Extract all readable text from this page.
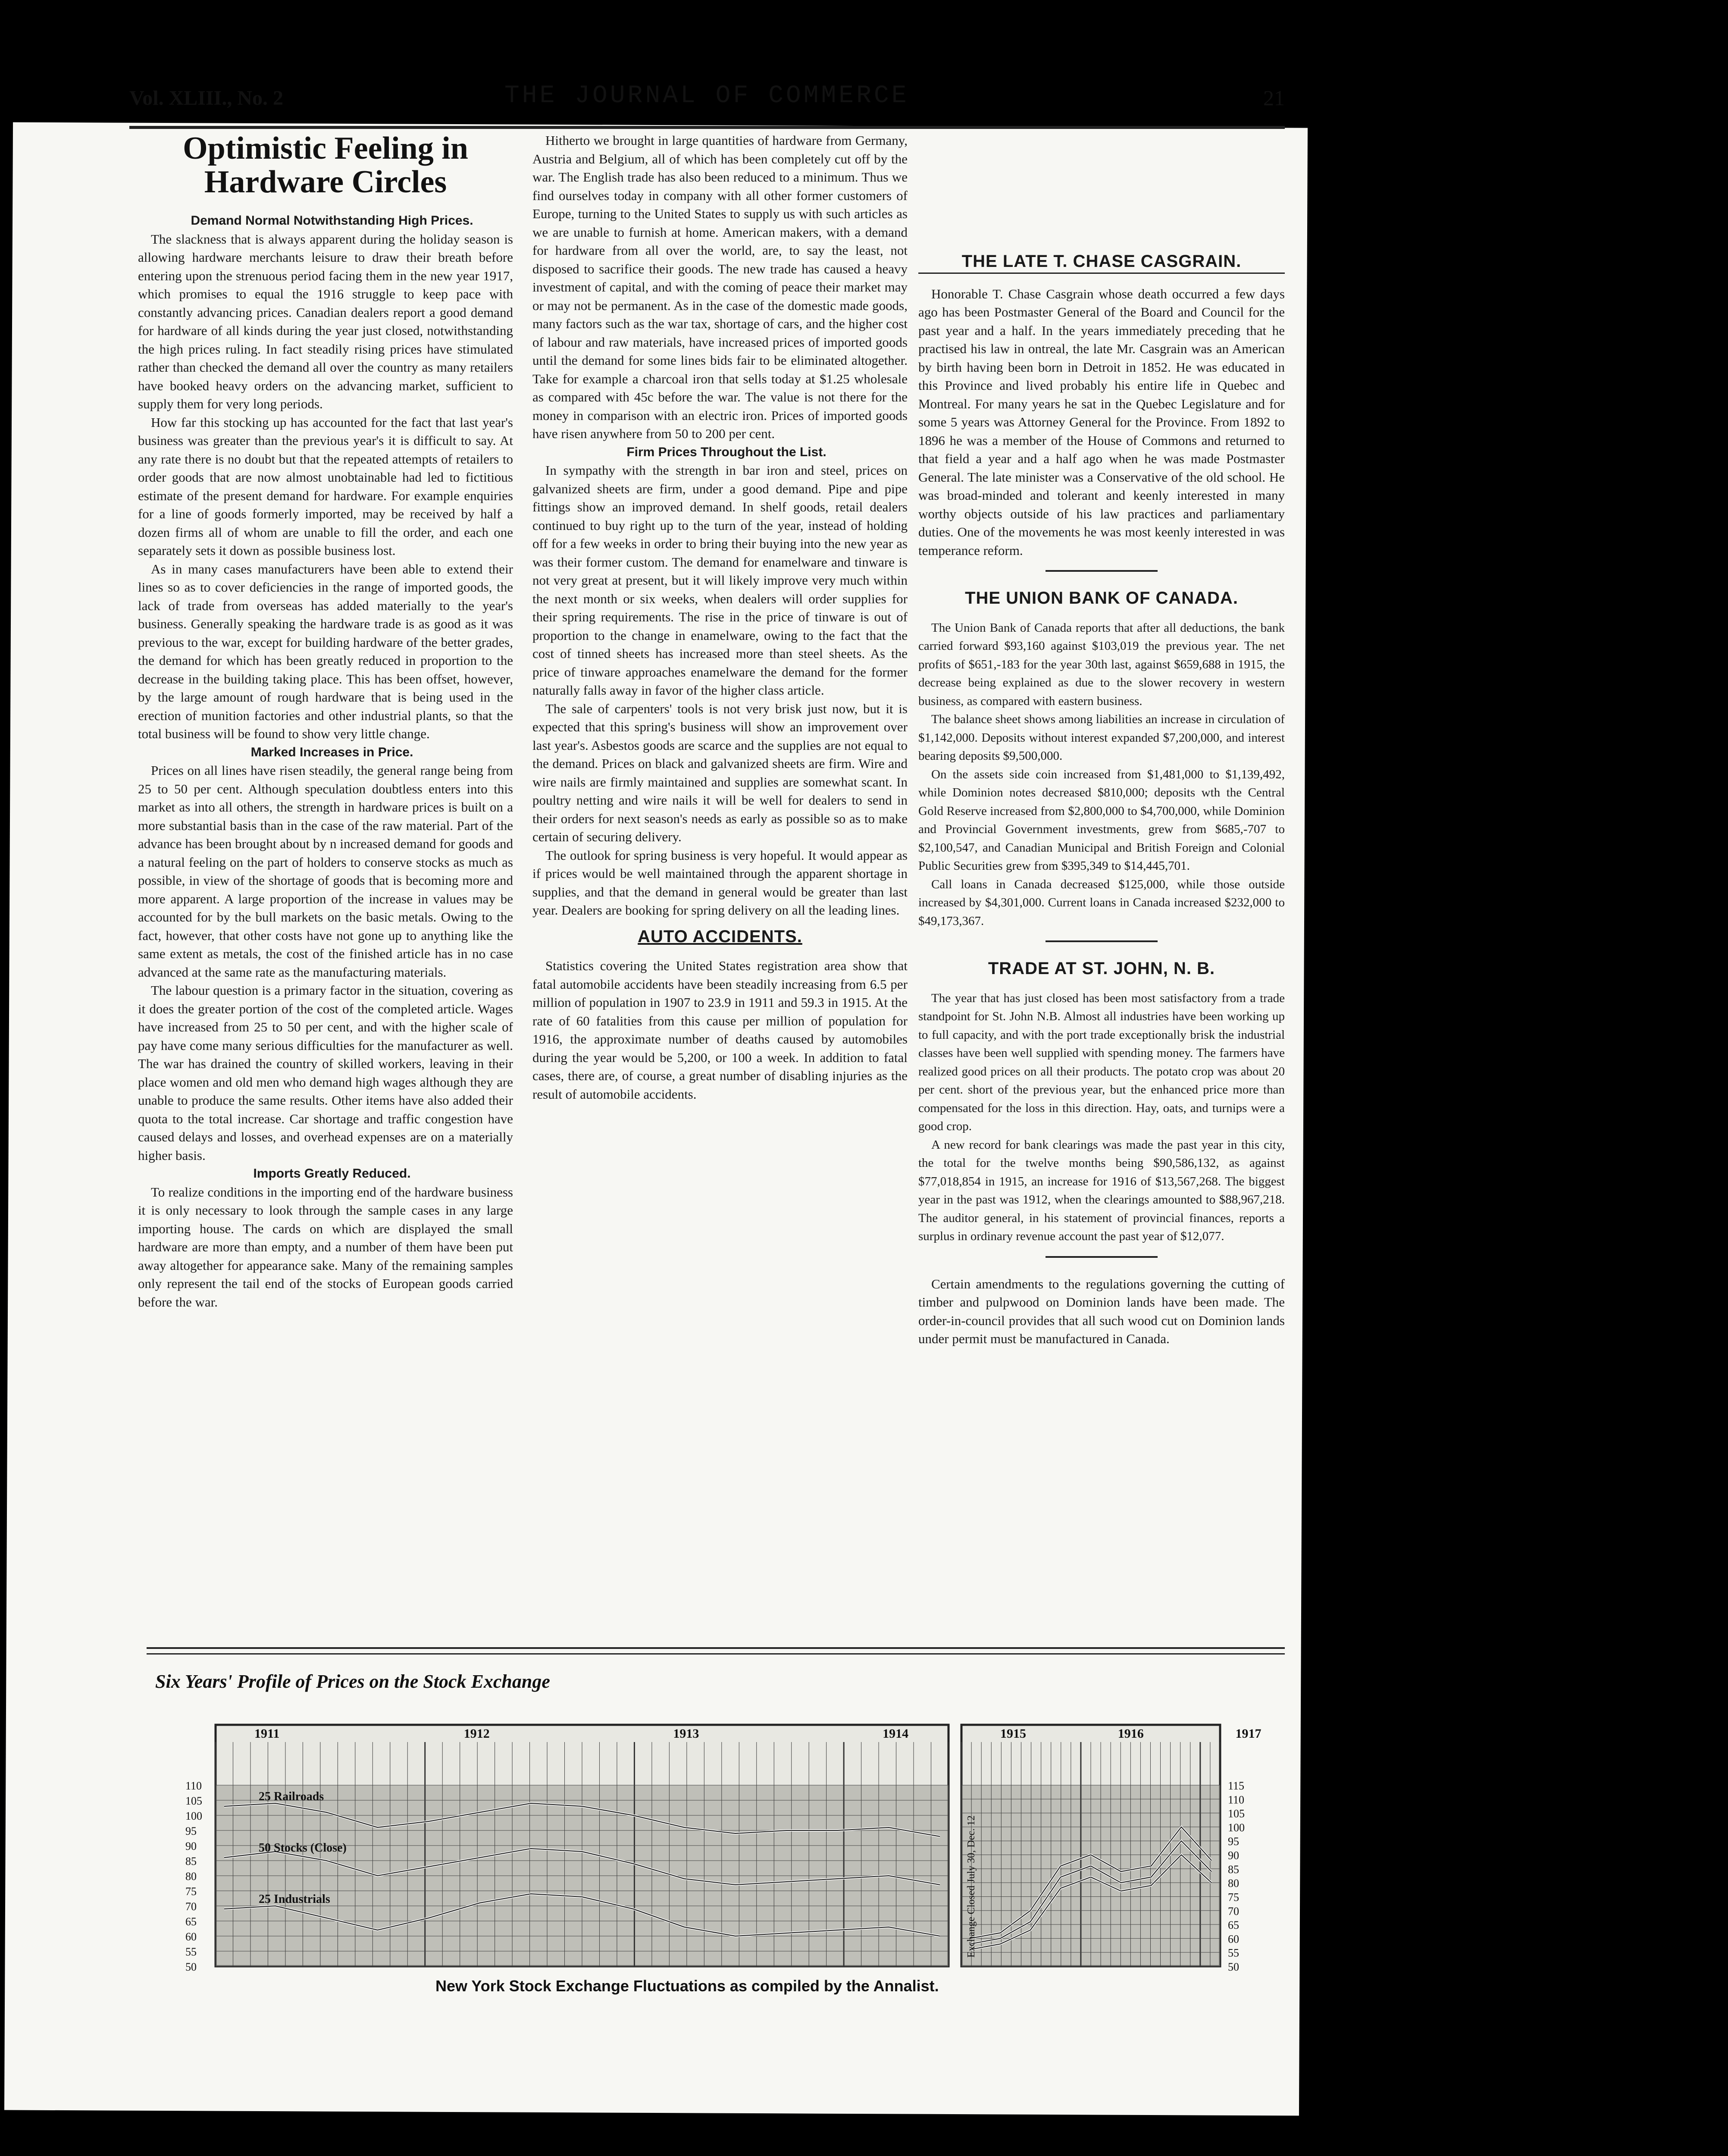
Vol. XLIII., No. 2	THE JOURNAL OF COMMERCE	21
Optimistic Feeling in Hardware Circles

Demand Normal Notwithstanding High Prices.

The slackness that is always apparent during the holiday season is allowing hardware merchants leisure to draw their breath before entering upon the strenuous period facing them in the new year 1917, which promises to equal the 1916 struggle to keep pace with constantly advancing prices. Canadian dealers report a good demand for hardware of all kinds during the year just closed, notwithstanding the high prices ruling. In fact steadily rising prices have stimulated rather than checked the demand all over the country as many retailers have booked heavy orders on the advancing market, sufficient to supply them for very long periods.

How far this stocking up has accounted for the fact that last year's business was greater than the previous year's it is difficult to say. At any rate there is no doubt but that the repeated attempts of retailers to order goods that are now almost unobtainable had led to fictitious estimate of the present demand for hardware. For example enquiries for a line of goods formerly imported, may be received by half a dozen firms all of whom are unable to fill the order, and each one separately sets it down as possible business lost.

As in many cases manufacturers have been able to extend their lines so as to cover deficiencies in the range of imported goods, the lack of trade from overseas has added materially to the year's business. Generally speaking the hardware trade is as good as it was previous to the war, except for building hardware of the better grades, the demand for which has been greatly reduced in proportion to the decrease in the building taking place. This has been offset, however, by the large amount of rough hardware that is being used in the erection of munition factories and other industrial plants, so that the total business will be found to show very little change.

Marked Increases in Price.

Prices on all lines have risen steadily, the general range being from 25 to 50 per cent. Although speculation doubtless enters into this market as into all others, the strength in hardware prices is built on a more substantial basis than in the case of the raw material. Part of the advance has been brought about by n increased demand for goods and a natural feeling on the part of holders to conserve stocks as much as possible, in view of the shortage of goods that is becoming more and more apparent. A large proportion of the increase in values may be accounted for by the bull markets on the basic metals. Owing to the fact, however, that other costs have not gone up to anything like the same extent as metals, the cost of the finished article has in no case advanced at the same rate as the manufacturing materials.

The labour question is a primary factor in the situation, covering as it does the greater portion of the cost of the completed article. Wages have increased from 25 to 50 per cent, and with the higher scale of pay have come many serious difficulties for the manufacturer as well. The war has drained the country of skilled workers, leaving in their place women and old men who demand high wages although they are unable to produce the same results. Other items have also added their quota to the total increase. Car shortage and traffic congestion have caused delays and losses, and overhead expenses are on a materially higher basis.

Imports Greatly Reduced.

To realize conditions in the importing end of the hardware business it is only necessary to look through the sample cases in any large importing house. The cards on which are displayed the small hardware are more than empty, and a number of them have been put away altogether for appearance sake. Many of the remaining samples only represent the tail end of the stocks of European goods carried before the war.

Hitherto we brought in large quantities of hardware from Germany, Austria and Belgium, all of which has been completely cut off by the war. The English trade has also been reduced to a minimum. Thus we find ourselves today in company with all other former customers of Europe, turning to the United States to supply us with such articles as we are unable to furnish at home. American makers, with a demand for hardware from all over the world, are, to say the least, not disposed to sacrifice their goods. The new trade has caused a heavy investment of capital, and with the coming of peace their market may or may not be permanent. As in the case of the domestic made goods, many factors such as the war tax, shortage of cars, and the higher cost of labour and raw materials, have increased prices of imported goods until the demand for some lines bids fair to be eliminated altogether. Take for example a charcoal iron that sells today at $1.25 wholesale as compared with 45c before the war. The value is not there for the money in comparison with an electric iron. Prices of imported goods have risen anywhere from 50 to 200 per cent.

Firm Prices Throughout the List.

In sympathy with the strength in bar iron and steel, prices on galvanized sheets are firm, under a good demand. Pipe and pipe fittings show an improved demand. In shelf goods, retail dealers continued to buy right up to the turn of the year, instead of holding off for a few weeks in order to bring their buying into the new year as was their former custom. The demand for enamelware and tinware is not very great at present, but it will likely improve very much within the next month or six weeks, when dealers will order supplies for their spring requirements. The rise in the price of tinware is out of proportion to the change in enamelware, owing to the fact that the cost of tinned sheets has increased more than steel sheets. As the price of tinware approaches enamelware the demand for the former naturally falls away in favor of the higher class article.

The sale of carpenters' tools is not very brisk just now, but it is expected that this spring's business will show an improvement over last year's. Asbestos goods are scarce and the supplies are not equal to the demand. Prices on black and galvanized sheets are firm. Wire and wire nails are firmly maintained and supplies are somewhat scant. In poultry netting and wire nails it will be well for dealers to send in their orders for next season's needs as early as possible so as to make certain of securing delivery.

The outlook for spring business is very hopeful. It would appear as if prices would be well maintained through the apparent shortage in supplies, and that the demand in general would be greater than last year. Dealers are booking for spring delivery on all the leading lines.

AUTO ACCIDENTS.

Statistics covering the United States registration area show that fatal automobile accidents have been steadily increasing from 6.5 per million of population in 1907 to 23.9 in 1911 and 59.3 in 1915. At the rate of 60 fatalities from this cause per million of population for 1916, the approximate number of deaths caused by automobiles during the year would be 5,200, or 100 a week. In addition to fatal cases, there are, of course, a great number of disabling injuries as the result of automobile accidents.

THE LATE T. CHASE CASGRAIN.

Honorable T. Chase Casgrain whose death occurred a few days ago has been Postmaster General of the Board and Council for the past year and a half. In the years immediately preceding that he practised his law in ontreal, the late Mr. Casgrain was an American by birth having been born in Detroit in 1852. He was educated in this Province and lived probably his entire life in Quebec and Montreal. For many years he sat in the Quebec Legislature and for some 5 years was Attorney General for the Province. From 1892 to 1896 he was a member of the House of Commons and returned to that field a year and a half ago when he was made Postmaster General. The late minister was a Conservative of the old school. He was broad-minded and tolerant and keenly interested in many worthy objects outside of his law practices and parliamentary duties. One of the movements he was most keenly interested in was temperance reform.

THE UNION BANK OF CANADA.

The Union Bank of Canada reports that after all deductions, the bank carried forward $93,160 against $103,019 the previous year. The net profits of $651,-183 for the year 30th last, against $659,688 in 1915, the decrease being explained as due to the slower recovery in western business, as compared with eastern business.

The balance sheet shows among liabilities an increase in circulation of $1,142,000. Deposits without interest expanded $7,200,000, and interest bearing deposits $9,500,000.

On the assets side coin increased from $1,481,000 to $1,139,492, while Dominion notes decreased $810,000; deposits wth the Central Gold Reserve increased from $2,800,000 to $4,700,000, while Dominion and Provincial Government investments, grew from $685,-707 to $2,100,547, and Canadian Municipal and British Foreign and Colonial Public Securities grew from $395,349 to $14,445,701.

Call loans in Canada decreased $125,000, while those outside increased by $4,301,000. Current loans in Canada increased $232,000 to $49,173,367.

TRADE AT ST. JOHN, N. B.

The year that has just closed has been most satisfactory from a trade standpoint for St. John N.B. Almost all industries have been working up to full capacity, and with the port trade exceptionally brisk the industrial classes have been well supplied with spending money. The farmers have realized good prices on all their products. The potato crop was about 20 per cent. short of the previous year, but the enhanced price more than compensated for the loss in this direction. Hay, oats, and turnips were a good crop.

A new record for bank clearings was made the past year in this city, the total for the twelve months being $90,586,132, as against $77,018,854 in 1915, an increase for 1916 of $13,567,268. The biggest year in the past was 1912, when the clearings amounted to $88,967,218. The auditor general, in his statement of provincial finances, reports a surplus in ordinary revenue account the past year of $12,077.

Certain amendments to the regulations governing the cutting of timber and pulpwood on Dominion lands have been made. The order-in-council provides that all such wood cut on Dominion lands under permit must be manufactured in Canada.

Six Years' Profile of Prices on the Stock Exchange
1911	1912	1913	1914
110
105
100
95
90
85
80
75
70
65
60
55
50
25 Railroads
50 Stocks (Close)
25 Industrials
1915	1916	1917
115
110
105
100
95
90
85
80
75
70
65
60
55
50
Exchange Closed July 30, Dec. 12
New York Stock Exchange Fluctuations as compiled by the Annalist.
